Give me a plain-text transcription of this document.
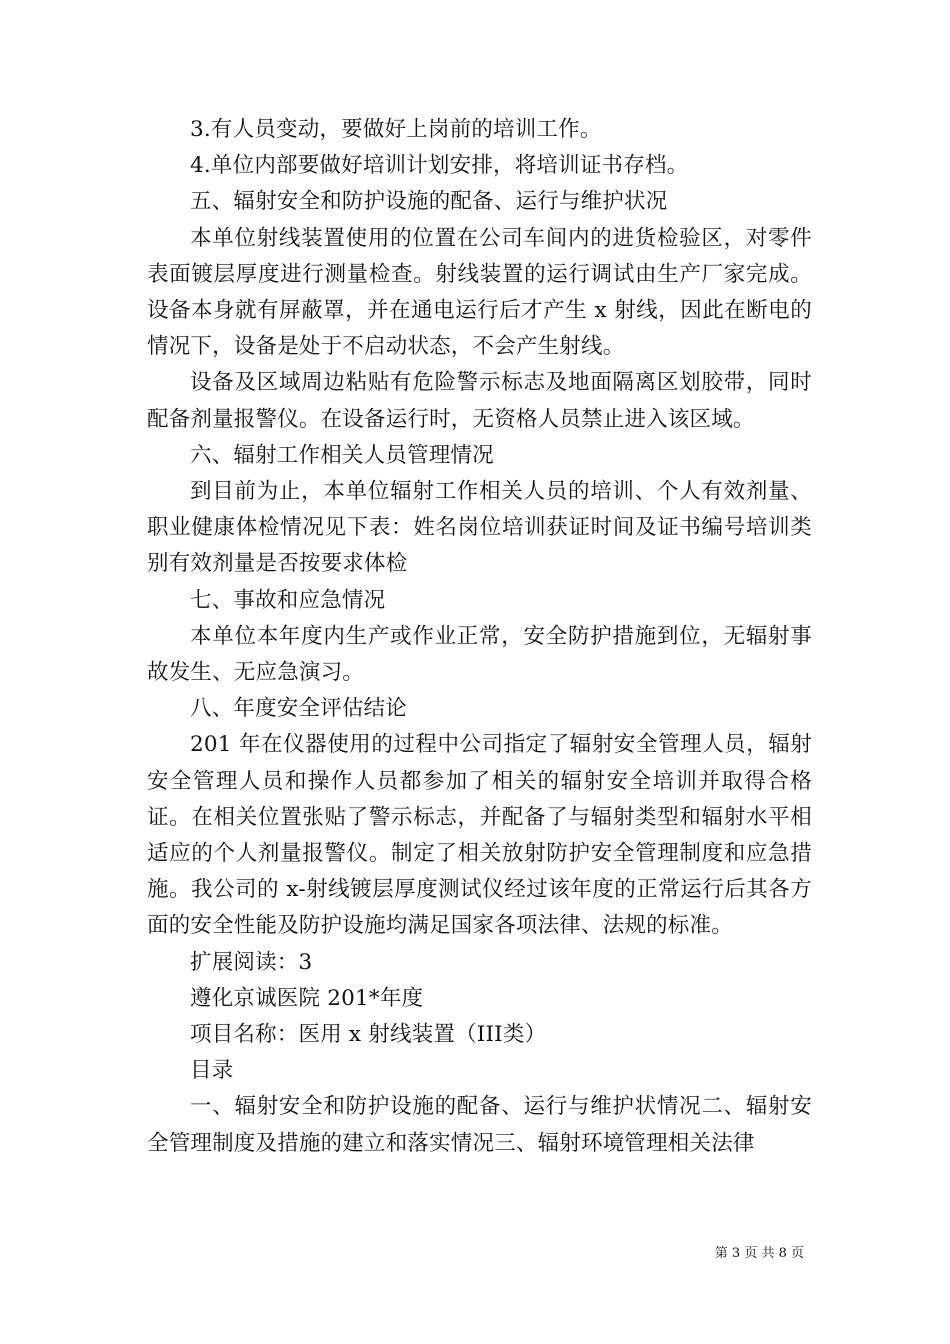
3.有人员变动，要做好上岗前的培训工作。

4.单位内部要做好培训计划安排，将培训证书存档。

五、辐射安全和防护设施的配备、运行与维护状况

本单位射线装置使用的位置在公司车间内的进货检验区，对零件表面镀层厚度进行测量检查。射线装置的运行调试由生产厂家完成。设备本身就有屏蔽罩，并在通电运行后才产生 x 射线，因此在断电的情况下，设备是处于不启动状态，不会产生射线。

设备及区域周边粘贴有危险警示标志及地面隔离区划胶带，同时配备剂量报警仪。在设备运行时，无资格人员禁止进入该区域。

六、辐射工作相关人员管理情况

到目前为止，本单位辐射工作相关人员的培训、个人有效剂量、职业健康体检情况见下表：姓名岗位培训获证时间及证书编号培训类别有效剂量是否按要求体检

七、事故和应急情况

本单位本年度内生产或作业正常，安全防护措施到位，无辐射事故发生、无应急演习。

八、年度安全评估结论

201 年在仪器使用的过程中公司指定了辐射安全管理人员，辐射安全管理人员和操作人员都参加了相关的辐射安全培训并取得合格证。在相关位置张贴了警示标志，并配备了与辐射类型和辐射水平相适应的个人剂量报警仪。制定了相关放射防护安全管理制度和应急措施。我公司的 x-射线镀层厚度测试仪经过该年度的正常运行后其各方面的安全性能及防护设施均满足国家各项法律、法规的标准。

扩展阅读：3

遵化京诚医院 201*年度

项目名称：医用 x 射线装置（III类）

目录

一、辐射安全和防护设施的配备、运行与维护状情况二、辐射安全管理制度及措施的建立和落实情况三、辐射环境管理相关法律

第 3 页 共 8 页
